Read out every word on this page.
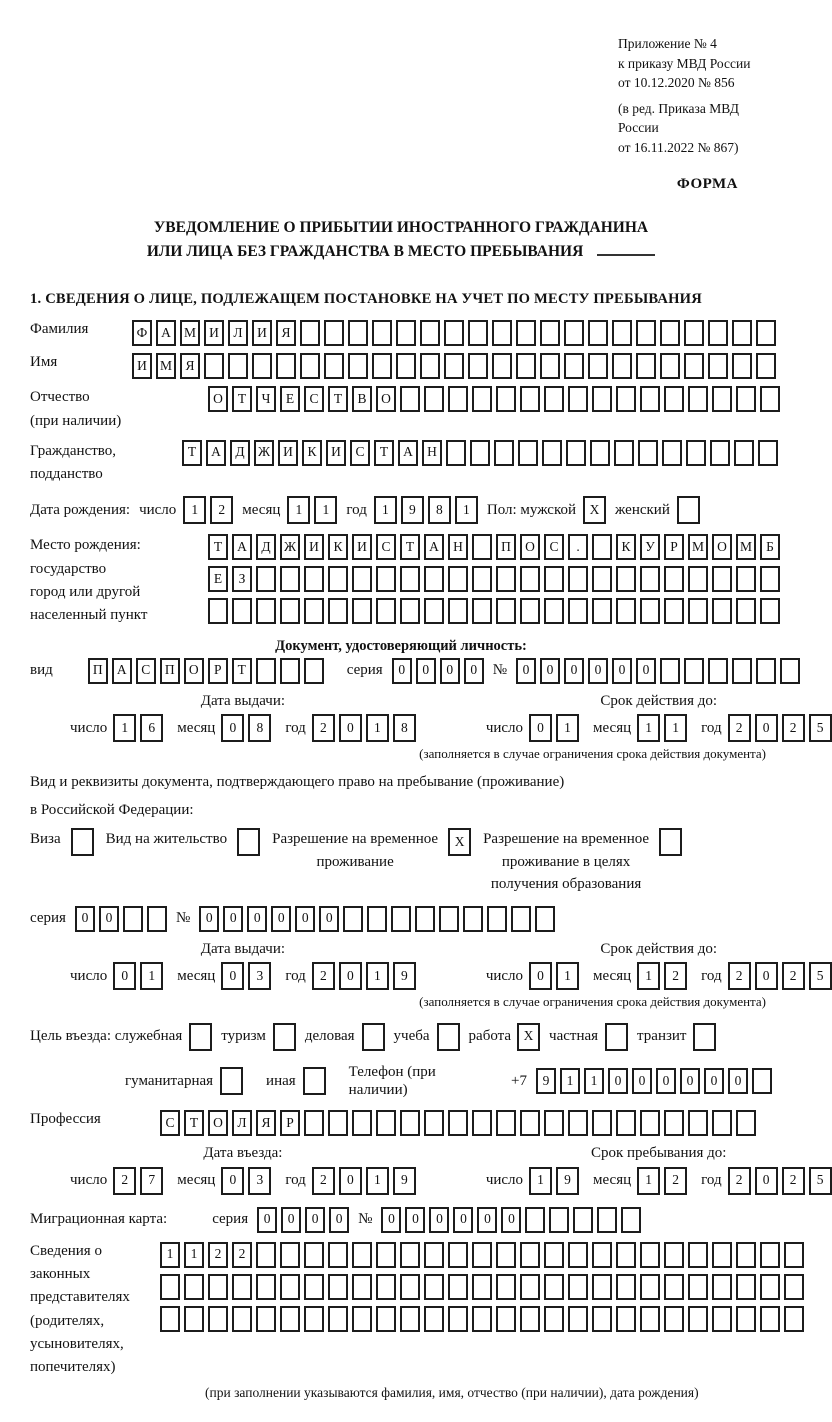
Приложение № 4
к приказу МВД России
от 10.12.2020 № 856
(в ред. Приказа МВД России
от 16.11.2022 № 867)
ФОРМА
УВЕДОМЛЕНИЕ О ПРИБЫТИИ ИНОСТРАННОГО ГРАЖДАНИНА
ИЛИ ЛИЦА БЕЗ ГРАЖДАНСТВА В МЕСТО ПРЕБЫВАНИЯ
1. СВЕДЕНИЯ О ЛИЦЕ, ПОДЛЕЖАЩЕМ ПОСТАНОВКЕ НА УЧЕТ ПО МЕСТУ ПРЕБЫВАНИЯ
Фамилия	Ф	А М И	Л	И	Я
Имя	И М Я
Отчество
(при наличии)
О	Т	Ч	Е	С	Т	В	О
Гражданство,
подданство
Т	А	Д Ж И	К	И	С	Т	А	Н
Дата рождения: число	1	2	месяц	1	1	год	1	9	8	1	Пол: мужской	X	женский
Место рождения:
государство
город или другой
населенный пункт
Т	А	Д Ж И	К	И	С	Т	А	Н	П	О	С	.	К	У	Р	М О М	Б
Е	З
Документ, удостоверяющий личность:
вид	П	А	С	П	О	Р	Т	серия	0	0	0	0	№	0	0	0	0	0	0
Дата выдачи:
число	1	6	месяц	0	8	год	2	0	1	8
Срок действия до:
число	0	1	месяц	1	1	год	2	0	2	5
(заполняется в случае ограничения срока действия документа)
Вид и реквизиты документа, подтверждающего право на пребывание (проживание)
в Российской Федерации:
Виза	Вид на жительство	Разрешение на временное
проживание
X	Разрешение на временное
проживание в целях
получения образования
серия	0	0	№	0	0	0	0	0	0
Дата выдачи:
число	0	1	месяц	0	3	год	2	0	1	9
Срок действия до:
число	0	1	месяц	1	2	год	2	0	2	5
(заполняется в случае ограничения срока действия документа)
Цель въезда: служебная	туризм	деловая	учеба	работа X	частная	транзит
гуманитарная	иная
Телефон (при наличии)
+7	9	1	1	0	0	0	0	0	0
Профессия	С	Т	О	Л	Я	Р
Дата въезда:
число	2	7	месяц	0	3	год	2	0	1	9
Срок пребывания до:
число	1	9	месяц	1	2	год	2	0	2	5
Миграционная карта:	серия	0	0	0	0	№	0	0	0	0	0	0
Сведения о
законных
представителях
(родителях,
усыновителях,
попечителях)
1	1	2	2
(при заполнении указываются фамилия, имя, отчество (при наличии), дата рождения)
